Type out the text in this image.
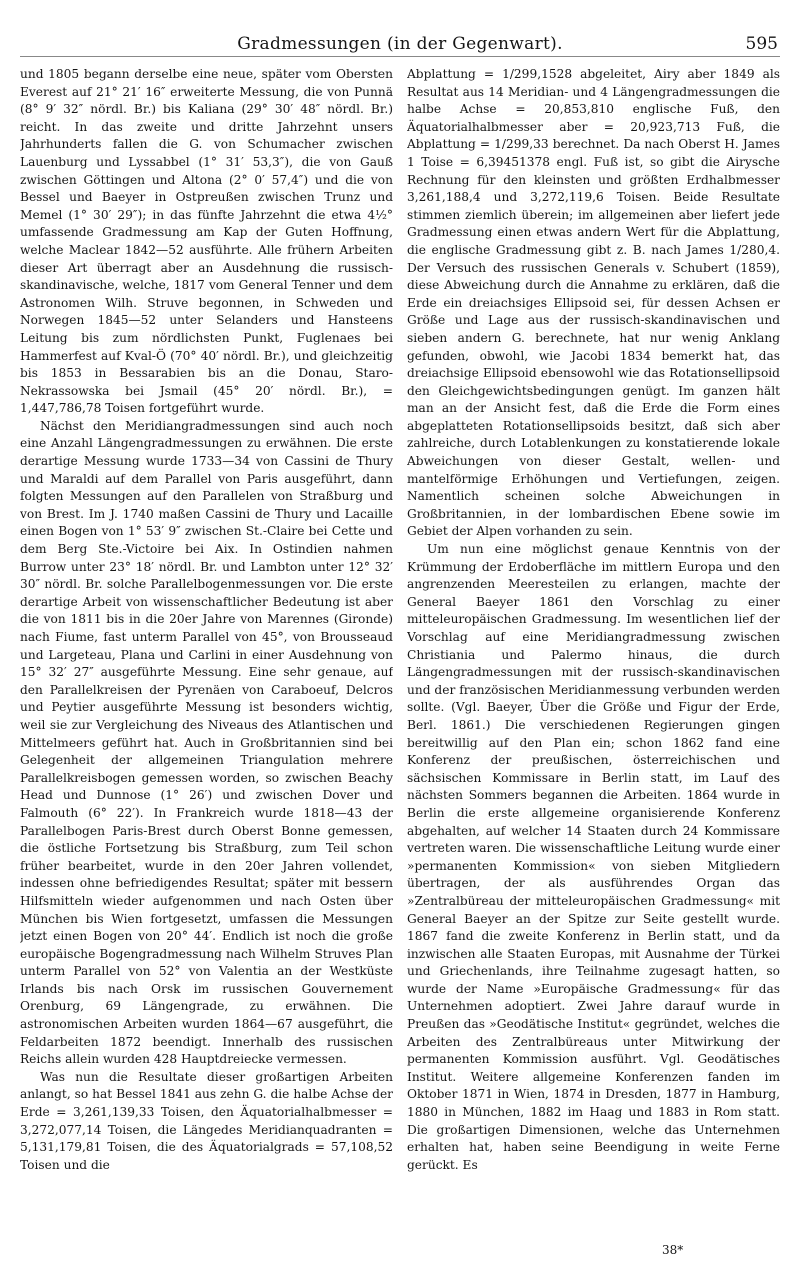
Gradmessungen (in der Gegenwart).	595

und 1805 begann derselbe eine neue, später vom Obersten Everest auf 21° 21′ 16″ erweiterte Messung, die von Punnä (8° 9′ 32″ nördl. Br.) bis Kaliana (29° 30′ 48″ nördl. Br.) reicht. In das zweite und dritte Jahrzehnt unsers Jahrhunderts fallen die G. von Schumacher zwischen Lauenburg und Lyssabbel (1° 31′ 53,3″), die von Gauß zwischen Göttingen und Altona (2° 0′ 57,4″) und die von Bessel und Baeyer in Ostpreußen zwischen Trunz und Memel (1° 30′ 29″); in das fünfte Jahrzehnt die etwa 4½° umfassende Gradmessung am Kap der Guten Hoffnung, welche Maclear 1842—52 ausführte. Alle frühern Arbeiten dieser Art überragt aber an Ausdehnung die russisch-skandinavische, welche, 1817 vom General Tenner und dem Astronomen Wilh. Struve begonnen, in Schweden und Norwegen 1845—52 unter Selanders und Hansteens Leitung bis zum nördlichsten Punkt, Fuglenaes bei Hammerfest auf Kval-Ö (70° 40′ nördl. Br.), und gleichzeitig bis 1853 in Bessarabien bis an die Donau, Staro-Nekrassowska bei Jsmail (45° 20′ nördl. Br.), = 1,447,786,78 Toisen fortgeführt wurde.

Nächst den Meridiangradmessungen sind auch noch eine Anzahl Längengradmessungen zu erwähnen. Die erste derartige Messung wurde 1733—34 von Cassini de Thury und Maraldi auf dem Parallel von Paris ausgeführt, dann folgten Messungen auf den Parallelen von Straßburg und von Brest. Im J. 1740 maßen Cassini de Thury und Lacaille einen Bogen von 1° 53′ 9″ zwischen St.-Claire bei Cette und dem Berg Ste.-Victoire bei Aix. In Ostindien nahmen Burrow unter 23° 18′ nördl. Br. und Lambton unter 12° 32′ 30″ nördl. Br. solche Parallelbogenmessungen vor. Die erste derartige Arbeit von wissenschaftlicher Bedeutung ist aber die von 1811 bis in die 20er Jahre von Marennes (Gironde) nach Fiume, fast unterm Parallel von 45°, von Brousseaud und Largeteau, Plana und Carlini in einer Ausdehnung von 15° 32′ 27″ ausgeführte Messung. Eine sehr genaue, auf den Parallelkreisen der Pyrenäen von Caraboeuf, Delcros und Peytier ausgeführte Messung ist besonders wichtig, weil sie zur Vergleichung des Niveaus des Atlantischen und Mittelmeers geführt hat. Auch in Großbritannien sind bei Gelegenheit der allgemeinen Triangulation mehrere Parallelkreisbogen gemessen worden, so zwischen Beachy Head und Dunnose (1° 26′) und zwischen Dover und Falmouth (6° 22′). In Frankreich wurde 1818—43 der Parallelbogen Paris-Brest durch Oberst Bonne gemessen, die östliche Fortsetzung bis Straßburg, zum Teil schon früher bearbeitet, wurde in den 20er Jahren vollendet, indessen ohne befriedigendes Resultat; später mit bessern Hilfsmitteln wieder aufgenommen und nach Osten über München bis Wien fortgesetzt, umfassen die Messungen jetzt einen Bogen von 20° 44′. Endlich ist noch die große europäische Bogengradmessung nach Wilhelm Struves Plan unterm Parallel von 52° von Valentia an der Westküste Irlands bis nach Orsk im russischen Gouvernement Orenburg, 69 Längengrade, zu erwähnen. Die astronomischen Arbeiten wurden 1864—67 ausgeführt, die Feldarbeiten 1872 beendigt. Innerhalb des russischen Reichs allein wurden 428 Hauptdreiecke vermessen.

Was nun die Resultate dieser großartigen Arbeiten anlangt, so hat Bessel 1841 aus zehn G. die halbe Achse der Erde = 3,261,139,33 Toisen, den Äquatorialhalbmesser = 3,272,077,14 Toisen, die Längedes Meridianquadranten = 5,131,179,81 Toisen, die des Äquatorialgrads = 57,108,52 Toisen und die

Abplattung = 1/299,1528 abgeleitet, Airy aber 1849 als Resultat aus 14 Meridian- und 4 Längengradmessungen die halbe Achse = 20,853,810 englische Fuß, den Äquatorialhalbmesser aber = 20,923,713 Fuß, die Abplattung = 1/299,33 berechnet. Da nach Oberst H. James 1 Toise = 6,39451378 engl. Fuß ist, so gibt die Airysche Rechnung für den kleinsten und größten Erdhalbmesser 3,261,188,4 und 3,272,119,6 Toisen. Beide Resultate stimmen ziemlich überein; im allgemeinen aber liefert jede Gradmessung einen etwas andern Wert für die Abplattung, die englische Gradmessung gibt z. B. nach James 1/280,4. Der Versuch des russischen Generals v. Schubert (1859), diese Abweichung durch die Annahme zu erklären, daß die Erde ein dreiachsiges Ellipsoid sei, für dessen Achsen er Größe und Lage aus der russisch-skandinavischen und sieben andern G. berechnete, hat nur wenig Anklang gefunden, obwohl, wie Jacobi 1834 bemerkt hat, das dreiachsige Ellipsoid ebensowohl wie das Rotationsellipsoid den Gleichgewichtsbedingungen genügt. Im ganzen hält man an der Ansicht fest, daß die Erde die Form eines abgeplatteten Rotationsellipsoids besitzt, daß sich aber zahlreiche, durch Lotablenkungen zu konstatierende lokale Abweichungen von dieser Gestalt, wellen- und mantelförmige Erhöhungen und Vertiefungen, zeigen. Namentlich scheinen solche Abweichungen in Großbritannien, in der lombardischen Ebene sowie im Gebiet der Alpen vorhanden zu sein.

Um nun eine möglichst genaue Kenntnis von der Krümmung der Erdoberfläche im mittlern Europa und den angrenzenden Meeresteilen zu erlangen, machte der General Baeyer 1861 den Vorschlag zu einer mitteleuropäischen Gradmessung. Im wesentlichen lief der Vorschlag auf eine Meridiangradmessung zwischen Christiania und Palermo hinaus, die durch Längengradmessungen mit der russisch-skandinavischen und der französischen Meridianmessung verbunden werden sollte. (Vgl. Baeyer, Über die Größe und Figur der Erde, Berl. 1861.) Die verschiedenen Regierungen gingen bereitwillig auf den Plan ein; schon 1862 fand eine Konferenz der preußischen, österreichischen und sächsischen Kommissare in Berlin statt, im Lauf des nächsten Sommers begannen die Arbeiten. 1864 wurde in Berlin die erste allgemeine organisierende Konferenz abgehalten, auf welcher 14 Staaten durch 24 Kommissare vertreten waren. Die wissenschaftliche Leitung wurde einer »permanenten Kommission« von sieben Mitgliedern übertragen, der als ausführendes Organ das »Zentralbüreau der mitteleuropäischen Gradmessung« mit General Baeyer an der Spitze zur Seite gestellt wurde. 1867 fand die zweite Konferenz in Berlin statt, und da inzwischen alle Staaten Europas, mit Ausnahme der Türkei und Griechenlands, ihre Teilnahme zugesagt hatten, so wurde der Name »Europäische Gradmessung« für das Unternehmen adoptiert. Zwei Jahre darauf wurde in Preußen das »Geodätische Institut« gegründet, welches die Arbeiten des Zentralbüreaus unter Mitwirkung der permanenten Kommission ausführt. Vgl. Geodätisches Institut. Weitere allgemeine Konferenzen fanden im Oktober 1871 in Wien, 1874 in Dresden, 1877 in Hamburg, 1880 in München, 1882 im Haag und 1883 in Rom statt. Die großartigen Dimensionen, welche das Unternehmen erhalten hat, haben seine Beendigung in weite Ferne gerückt. Es

38*
